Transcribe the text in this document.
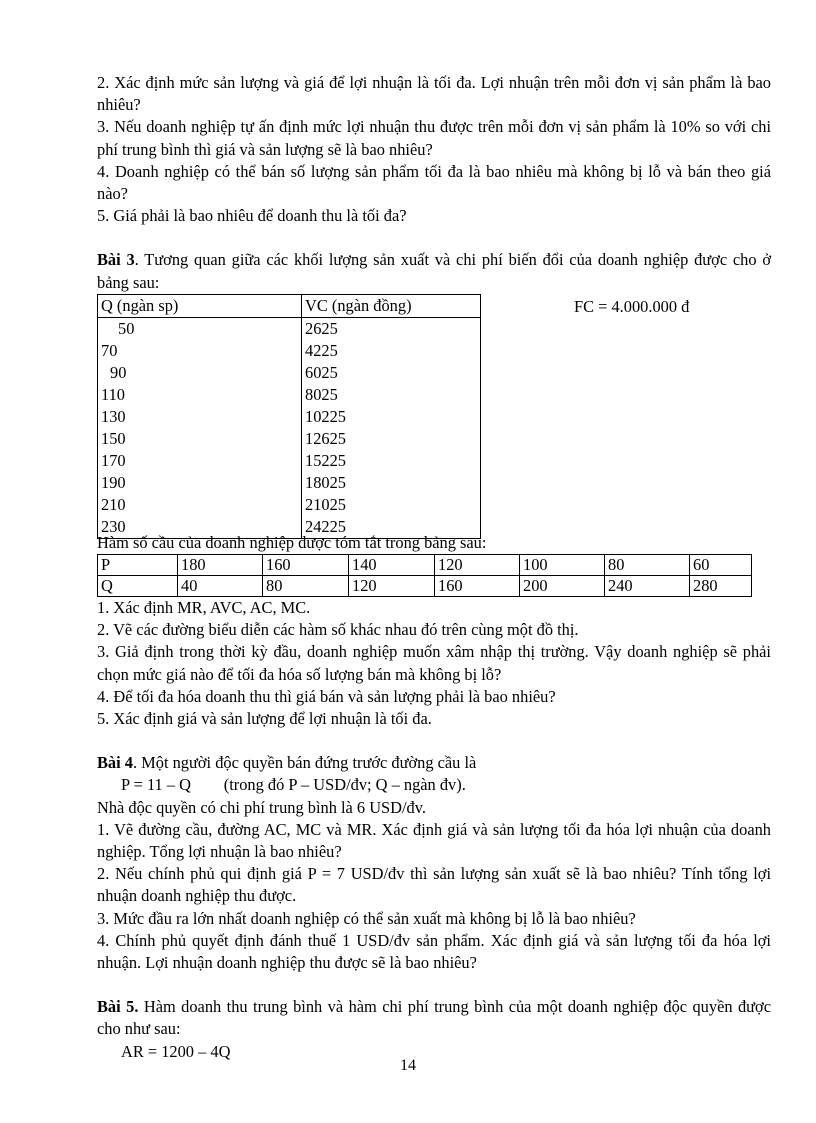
2. Xác định mức sản lượng và giá để lợi nhuận là tối đa. Lợi nhuận trên mỗi đơn vị sản phẩm là bao nhiêu?

3. Nếu doanh nghiệp tự ấn định mức lợi nhuận thu được trên mỗi đơn vị sản phẩm là 10% so với chi phí trung bình thì giá và sản lượng sẽ là bao nhiêu?

4. Doanh nghiệp có thể bán số lượng sản phẩm tối đa là bao nhiêu mà không bị lỗ và bán theo giá nào?

5. Giá phải là bao nhiêu để doanh thu là tối đa?

Bài 3. Tương quan giữa các khối lượng sản xuất và chi phí biến đổi của doanh nghiệp được cho ở bảng sau:

Q (ngàn sp)	VC (ngàn đồng)
50	2625
70	4225
90	6025
110	8025
130	10225
150	12625
170	15225
190	18025
210	21025
230	24225
FC = 4.000.000 đ

Hàm số cầu của doanh nghiệp được tóm tắt trong bảng sau:

P	180	160	140	120	100	80	60
Q	40	80	120	160	200	240	280

1. Xác định MR, AVC, AC, MC.

2. Vẽ các đường biểu diễn các hàm số khác nhau đó trên cùng một đồ thị.

3. Giả định trong thời kỳ đầu, doanh nghiệp muốn xâm nhập thị trường. Vậy doanh nghiệp sẽ phải chọn mức giá nào để tối đa hóa số lượng bán mà không bị lỗ?

4. Để tối đa hóa doanh thu thì giá bán và sản lượng phải là bao nhiêu?

5. Xác định giá và sản lượng để lợi nhuận là tối đa.

Bài 4. Một người độc quyền bán đứng trước đường cầu là

P = 11 – Q        (trong đó P – USD/đv; Q – ngàn đv).

Nhà độc quyền có chi phí trung bình là 6 USD/đv.

1. Vẽ đường cầu, đường AC, MC và MR. Xác định giá và sản lượng tối đa hóa lợi nhuận của doanh nghiệp. Tổng lợi nhuận là bao nhiêu?

2. Nếu chính phủ qui định giá P = 7 USD/đv thì sản lượng sản xuất sẽ là bao nhiêu? Tính tổng lợi nhuận doanh nghiệp thu được.

3. Mức đầu ra lớn nhất doanh nghiệp có thể sản xuất mà không bị lỗ là bao nhiêu?

4. Chính phủ quyết định đánh thuế 1 USD/đv sản phẩm. Xác định giá và sản lượng tối đa hóa lợi nhuận. Lợi nhuận doanh nghiệp thu được sẽ là bao nhiêu?

Bài 5. Hàm doanh thu trung bình và hàm chi phí trung bình của một doanh nghiệp độc quyền được cho như sau:

AR = 1200 – 4Q

14
